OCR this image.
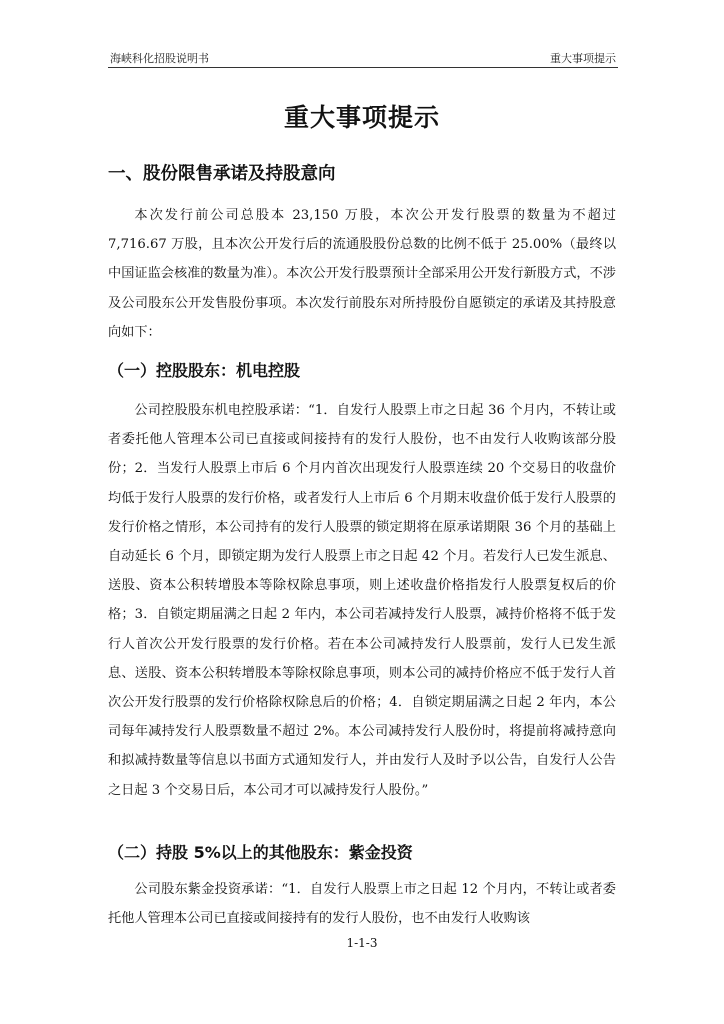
海峡科化招股说明书	重大事项提示
重大事项提示
一、股份限售承诺及持股意向

本次发行前公司总股本 23,150 万股，本次公开发行股票的数量为不超过7,716.67 万股，且本次公开发行后的流通股股份总数的比例不低于 25.00%（最终以中国证监会核准的数量为准）。本次公开发行股票预计全部采用公开发行新股方式，不涉及公司股东公开发售股份事项。本次发行前股东对所持股份自愿锁定的承诺及其持股意向如下：

（一）控股股东：机电控股

公司控股股东机电控股承诺：“1．自发行人股票上市之日起 36 个月内，不转让或者委托他人管理本公司已直接或间接持有的发行人股份，也不由发行人收购该部分股份；2．当发行人股票上市后 6 个月内首次出现发行人股票连续 20 个交易日的收盘价均低于发行人股票的发行价格，或者发行人上市后 6 个月期末收盘价低于发行人股票的发行价格之情形，本公司持有的发行人股票的锁定期将在原承诺期限 36 个月的基础上自动延长 6 个月，即锁定期为发行人股票上市之日起 42 个月。若发行人已发生派息、送股、资本公积转增股本等除权除息事项，则上述收盘价格指发行人股票复权后的价格；3．自锁定期届满之日起 2 年内，本公司若减持发行人股票，减持价格将不低于发行人首次公开发行股票的发行价格。若在本公司减持发行人股票前，发行人已发生派息、送股、资本公积转增股本等除权除息事项，则本公司的减持价格应不低于发行人首次公开发行股票的发行价格除权除息后的价格；4．自锁定期届满之日起 2 年内，本公司每年减持发行人股票数量不超过 2%。本公司减持发行人股份时，将提前将减持意向和拟减持数量等信息以书面方式通知发行人，并由发行人及时予以公告，自发行人公告之日起 3 个交易日后，本公司才可以减持发行人股份。”

（二）持股 5%以上的其他股东：紫金投资

公司股东紫金投资承诺：“1．自发行人股票上市之日起 12 个月内，不转让或者委托他人管理本公司已直接或间接持有的发行人股份，也不由发行人收购该

1-1-3
